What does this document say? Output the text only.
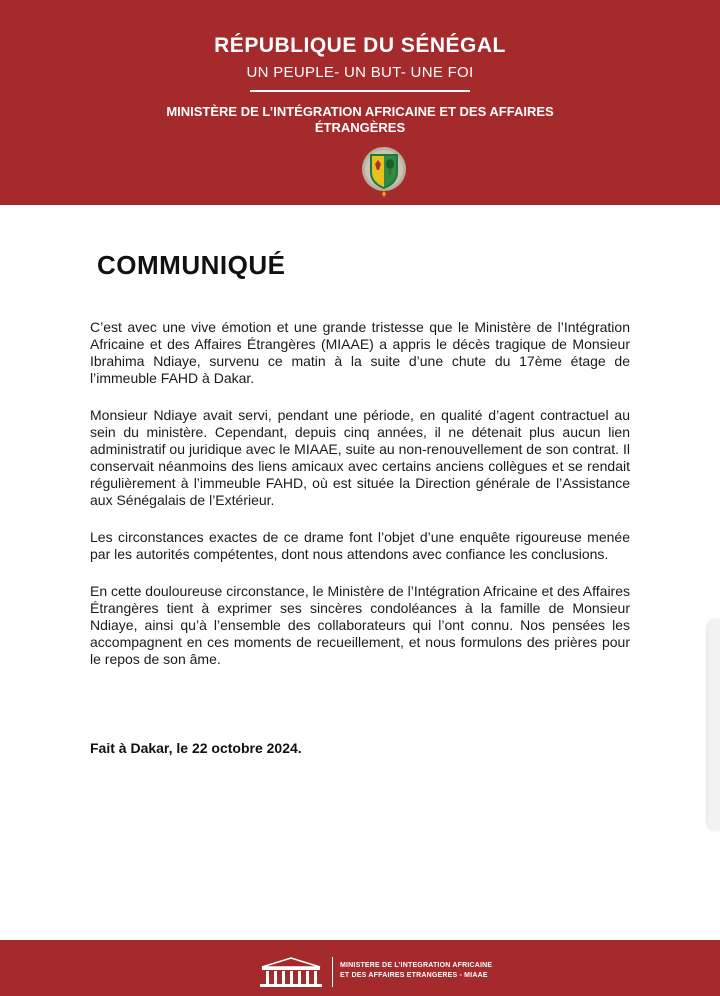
RÉPUBLIQUE DU SÉNÉGAL
UN PEUPLE- UN BUT- UNE FOI
MINISTÈRE DE L’INTÉGRATION AFRICAINE ET DES AFFAIRES
ÉTRANGÈRES
COMMUNIQUÉ

C’est avec une vive émotion et une grande tristesse que le Ministère de l’Intégration Africaine et des Affaires Étrangères (MIAAE) a appris le décès tragique de Monsieur Ibrahima Ndiaye, survenu ce matin à la suite d’une chute du 17ème étage de l’immeuble FAHD à Dakar.

Monsieur Ndiaye avait servi, pendant une période, en qualité d’agent contractuel au sein du ministère. Cependant, depuis cinq années, il ne détenait plus aucun lien administratif ou juridique avec le MIAAE, suite au non-renouvellement de son contrat. Il conservait néanmoins des liens amicaux avec certains anciens collègues et se rendait régulièrement à l’immeuble FAHD, où est située la Direction générale de l’Assistance aux Sénégalais de l’Extérieur.

Les circonstances exactes de ce drame font l’objet d’une enquête rigoureuse menée par les autorités compétentes, dont nous attendons avec confiance les conclusions.

En cette douloureuse circonstance, le Ministère de l’Intégration Africaine et des Affaires Étrangères tient à exprimer ses sincères condoléances à la famille de Monsieur Ndiaye, ainsi qu’à l’ensemble des collaborateurs qui l’ont connu. Nos pensées les accompagnent en ces moments de recueillement, et nous formulons des prières pour le repos de son âme.

Fait à Dakar, le 22 octobre 2024.
MINISTERE DE L’INTEGRATION AFRICAINE
ET DES AFFAIRES ETRANGERES - MIAAE
